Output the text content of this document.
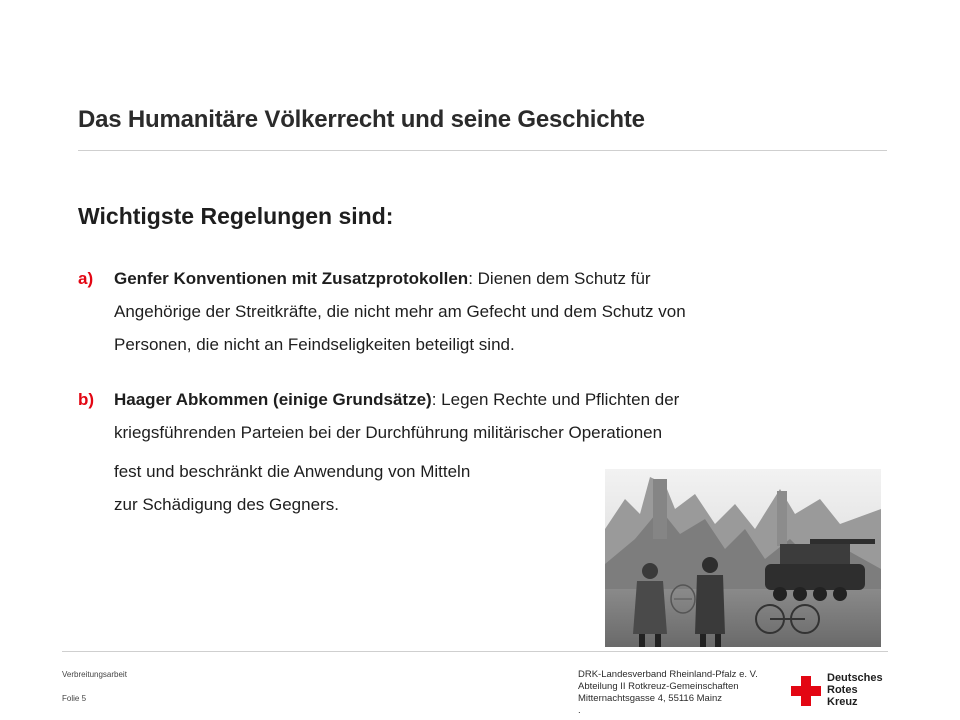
Das Humanitäre Völkerrecht und seine Geschichte
Wichtigste Regelungen sind:
a) Genfer Konventionen mit Zusatzprotokollen: Dienen dem Schutz für
Angehörige der Streitkräfte, die nicht mehr am Gefecht und dem Schutz von
Personen, die nicht an Feindseligkeiten beteiligt sind.
b) Haager Abkommen (einige Grundsätze): Legen Rechte und Pflichten der
kriegsführenden Parteien bei der Durchführung militärischer Operationen

fest und beschränkt die Anwendung von Mitteln
zur Schädigung des Gegners.
Verbreitungsarbeit
Folie 5
DRK-Landesverband Rheinland-Pfalz e. V.
Abteilung II Rotkreuz-Gemeinschaften
Mitternachtsgasse 4, 55116 Mainz
.
Deutsches
Rotes
Kreuz
